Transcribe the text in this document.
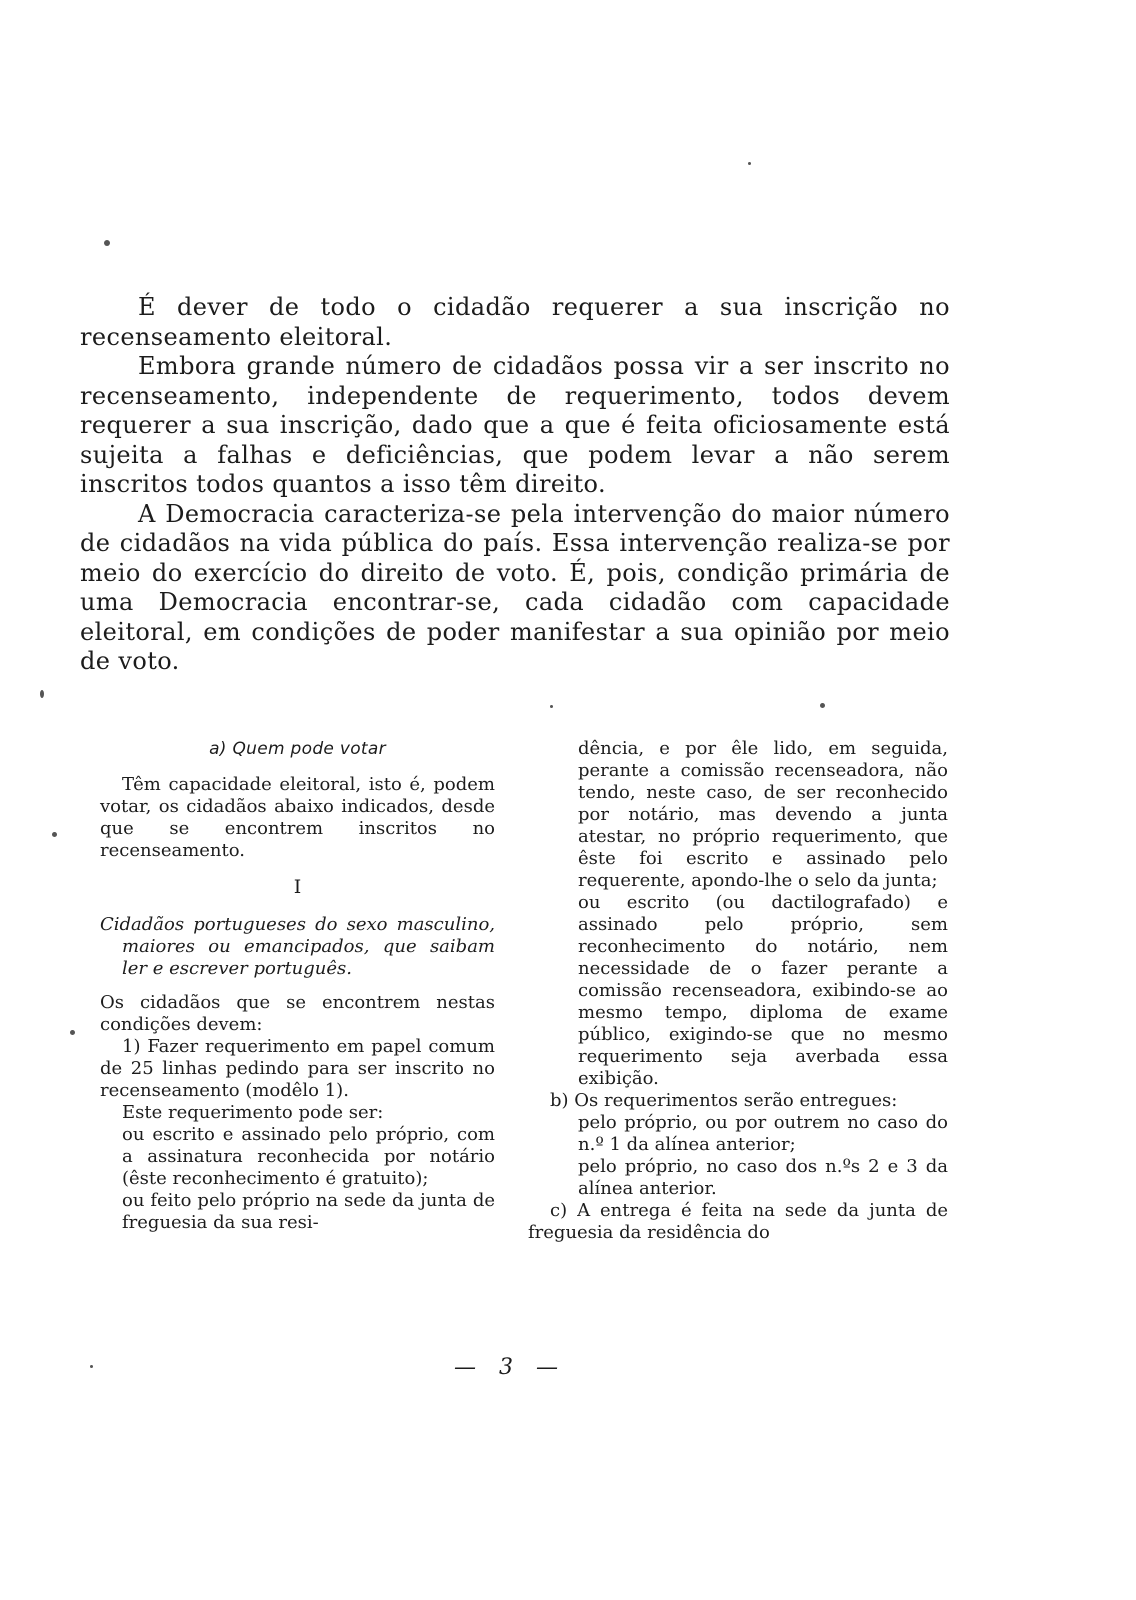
É dever de todo o cidadão requerer a sua inscrição no recenseamento eleitoral.

Embora grande número de cidadãos possa vir a ser inscrito no recenseamento, independente de requerimento, todos devem requerer a sua inscrição, dado que a que é feita oficiosamente está sujeita a falhas e deficiências, que podem levar a não serem inscritos todos quantos a isso têm direito.

A Democracia caracteriza-se pela intervenção do maior número de cidadãos na vida pública do país. Essa intervenção realiza-se por meio do exercício do direito de voto. É, pois, condição primária de uma Democracia encontrar-se, cada cidadão com capacidade eleitoral, em condições de poder manifestar a sua opinião por meio de voto.

a) Quem pode votar

Têm capacidade eleitoral, isto é, podem votar, os cidadãos abaixo indicados, desde que se encontrem inscritos no recenseamento.

I

Cidadãos portugueses do sexo masculino, maiores ou emancipados, que saibam ler e escrever português.

Os cidadãos que se encontrem nestas condições devem:

1) Fazer requerimento em papel comum de 25 linhas pedindo para ser inscrito no recenseamento (modêlo 1).

Este requerimento pode ser:

ou escrito e assinado pelo próprio, com a assinatura reconhecida por notário (êste reconhecimento é gratuito);

ou feito pelo próprio na sede da junta de freguesia da sua resi-

dência, e por êle lido, em seguida, perante a comissão recenseadora, não tendo, neste caso, de ser reconhecido por notário, mas devendo a junta atestar, no próprio requerimento, que êste foi escrito e assinado pelo requerente, apondo-lhe o selo da junta;

ou escrito (ou dactilografado) e assinado pelo próprio, sem reconhecimento do notário, nem necessidade de o fazer perante a comissão recenseadora, exibindo-se ao mesmo tempo, diploma de exame público, exigindo-se que no mesmo requerimento seja averbada essa exibição.

b) Os requerimentos serão entregues:

pelo próprio, ou por outrem no caso do n.º 1 da alínea anterior;

pelo próprio, no caso dos n.ºs 2 e 3 da alínea anterior.

c) A entrega é feita na sede da junta de freguesia da residência do

— 3 —
